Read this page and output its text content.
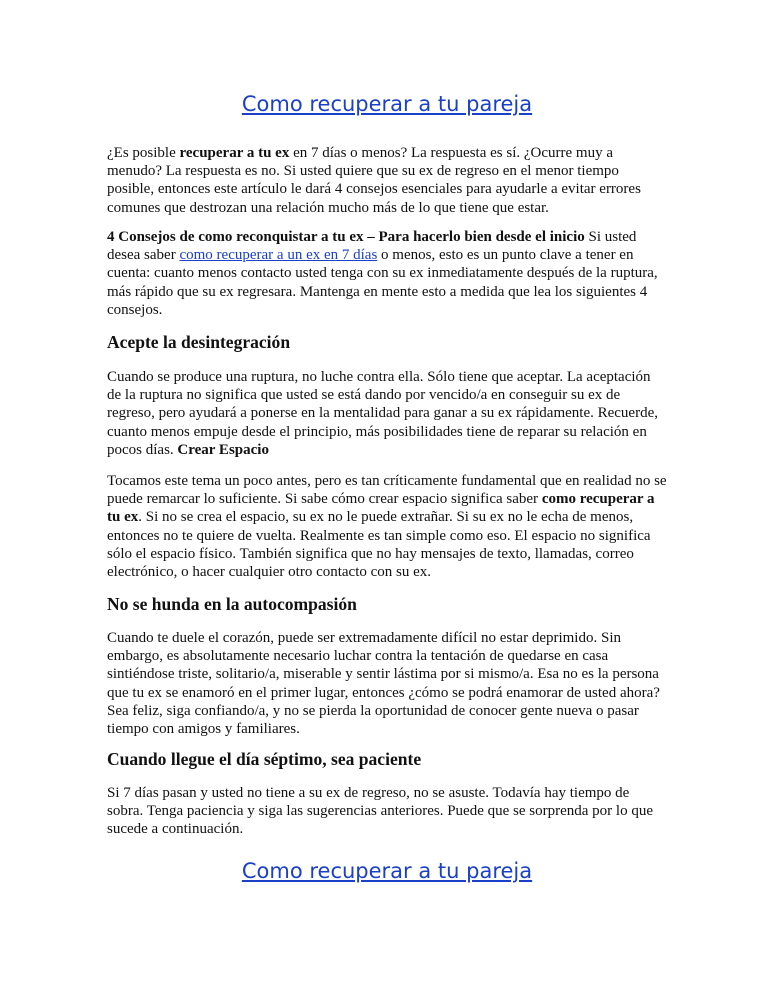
Como recuperar a tu pareja

¿Es posible recuperar a tu ex en 7 días o menos? La respuesta es sí. ¿Ocurre muy a menudo? La respuesta es no. Si usted quiere que su ex de regreso en el menor tiempo posible, entonces este artículo le dará 4 consejos esenciales para ayudarle a evitar errores comunes que destrozan una relación mucho más de lo que tiene que estar.

4 Consejos de como reconquistar a tu ex – Para hacerlo bien desde el inicio Si usted desea saber como recuperar a un ex en 7 días o menos, esto es un punto clave a tener en cuenta: cuanto menos contacto usted tenga con su ex inmediatamente después de la ruptura, más rápido que su ex regresara. Mantenga en mente esto a medida que lea los siguientes 4 consejos.

Acepte la desintegración

Cuando se produce una ruptura, no luche contra ella. Sólo tiene que aceptar. La aceptación de la ruptura no significa que usted se está dando por vencido/a en conseguir su ex de regreso, pero ayudará a ponerse en la mentalidad para ganar a su ex rápidamente. Recuerde, cuanto menos empuje desde el principio, más posibilidades tiene de reparar su relación en pocos días. Crear Espacio

Tocamos este tema un poco antes, pero es tan críticamente fundamental que en realidad no se puede remarcar lo suficiente. Si sabe cómo crear espacio significa saber como recuperar a tu ex. Si no se crea el espacio, su ex no le puede extrañar. Si su ex no le echa de menos, entonces no te quiere de vuelta. Realmente es tan simple como eso. El espacio no significa sólo el espacio físico. También significa que no hay mensajes de texto, llamadas, correo electrónico, o hacer cualquier otro contacto con su ex.

No se hunda en la autocompasión

Cuando te duele el corazón, puede ser extremadamente difícil no estar deprimido. Sin embargo, es absolutamente necesario luchar contra la tentación de quedarse en casa sintiéndose triste, solitario/a, miserable y sentir lástima por si mismo/a. Esa no es la persona que tu ex se enamoró en el primer lugar, entonces ¿cómo se podrá enamorar de usted ahora? Sea feliz, siga confiando/a, y no se pierda la oportunidad de conocer gente nueva o pasar tiempo con amigos y familiares.

Cuando llegue el día séptimo, sea paciente

Si 7 días pasan y usted no tiene a su ex de regreso, no se asuste. Todavía hay tiempo de sobra. Tenga paciencia y siga las sugerencias anteriores. Puede que se sorprenda por lo que sucede a continuación.

Como recuperar a tu pareja
